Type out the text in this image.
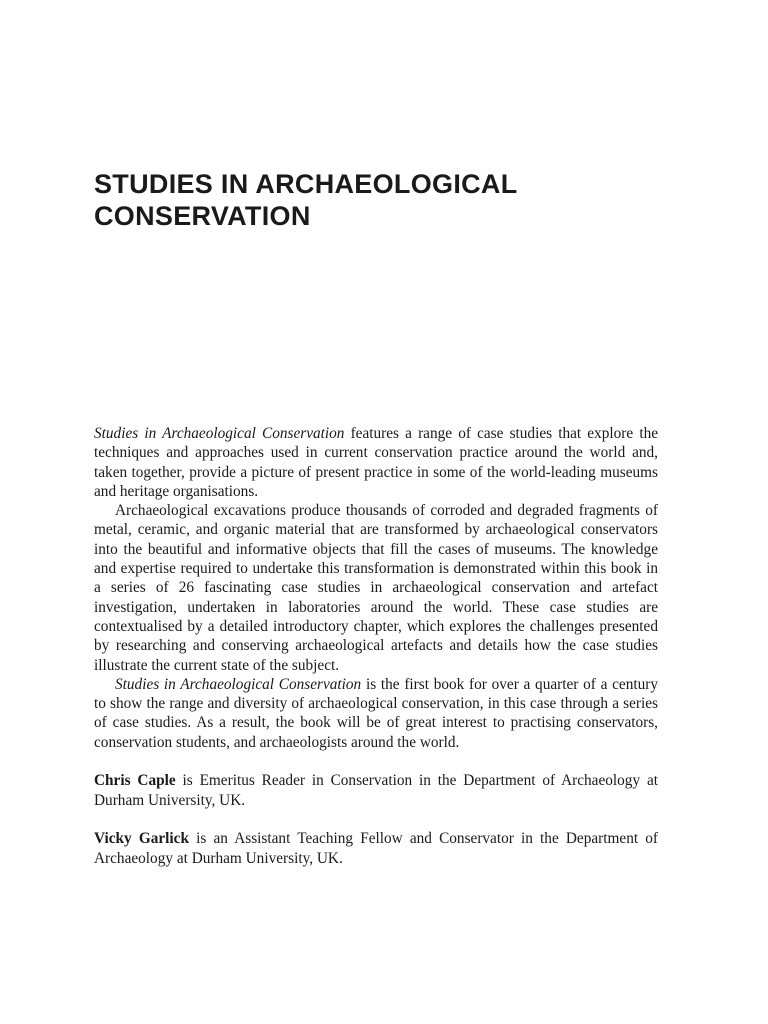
STUDIES IN ARCHAEOLOGICAL
CONSERVATION

Studies in Archaeological Conservation features a range of case studies that explore the techniques and approaches used in current conservation practice around the world and, taken together, provide a picture of present practice in some of the world-leading museums and heritage organisations.

Archaeological excavations produce thousands of corroded and degraded fragments of metal, ceramic, and organic material that are transformed by archaeological conservators into the beautiful and informative objects that fill the cases of museums. The knowledge and expertise required to undertake this transformation is demonstrated within this book in a series of 26 fascinating case studies in archaeological conservation and artefact investigation, undertaken in laboratories around the world. These case studies are contextualised by a detailed introductory chapter, which explores the challenges presented by researching and conserving archaeological artefacts and details how the case studies illustrate the current state of the subject.

Studies in Archaeological Conservation is the first book for over a quarter of a century to show the range and diversity of archaeological conservation, in this case through a series of case studies. As a result, the book will be of great interest to practising conservators, conservation students, and archaeologists around the world.

Chris Caple is Emeritus Reader in Conservation in the Department of Archaeology at Durham University, UK.

Vicky Garlick is an Assistant Teaching Fellow and Conservator in the Department of Archaeology at Durham University, UK.
